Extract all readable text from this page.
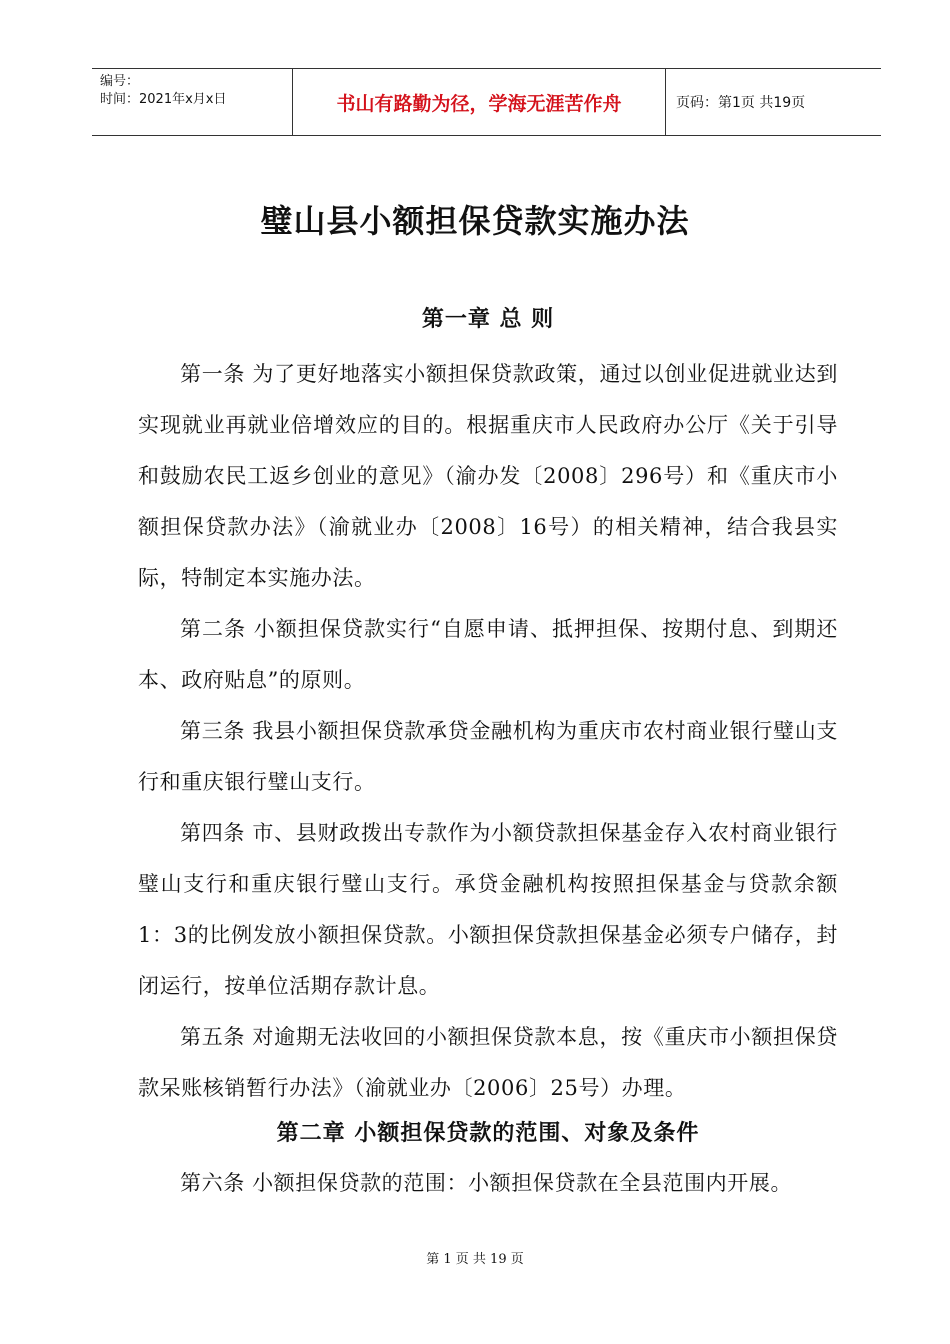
编号：
时间：2021年x月x日	书山有路勤为径，学海无涯苦作舟	页码：第1页 共19页
璧山县小额担保贷款实施办法
第一章 总 则

第一条 为了更好地落实小额担保贷款政策，通过以创业促进就业达到实现就业再就业倍增效应的目的。根据重庆市人民政府办公厅《关于引导和鼓励农民工返乡创业的意见》（渝办发〔2008〕296号）和《重庆市小额担保贷款办法》（渝就业办〔2008〕16号）的相关精神，结合我县实际，特制定本实施办法。

第二条 小额担保贷款实行“自愿申请、抵押担保、按期付息、到期还本、政府贴息”的原则。

第三条 我县小额担保贷款承贷金融机构为重庆市农村商业银行璧山支行和重庆银行璧山支行。

第四条 市、县财政拨出专款作为小额贷款担保基金存入农村商业银行璧山支行和重庆银行璧山支行。承贷金融机构按照担保基金与贷款余额1：3的比例发放小额担保贷款。小额担保贷款担保基金必须专户储存，封闭运行，按单位活期存款计息。

第五条 对逾期无法收回的小额担保贷款本息，按《重庆市小额担保贷款呆账核销暂行办法》（渝就业办〔2006〕25号）办理。

第二章 小额担保贷款的范围、对象及条件

第六条 小额担保贷款的范围：小额担保贷款在全县范围内开展。

第 1 页 共 19 页
